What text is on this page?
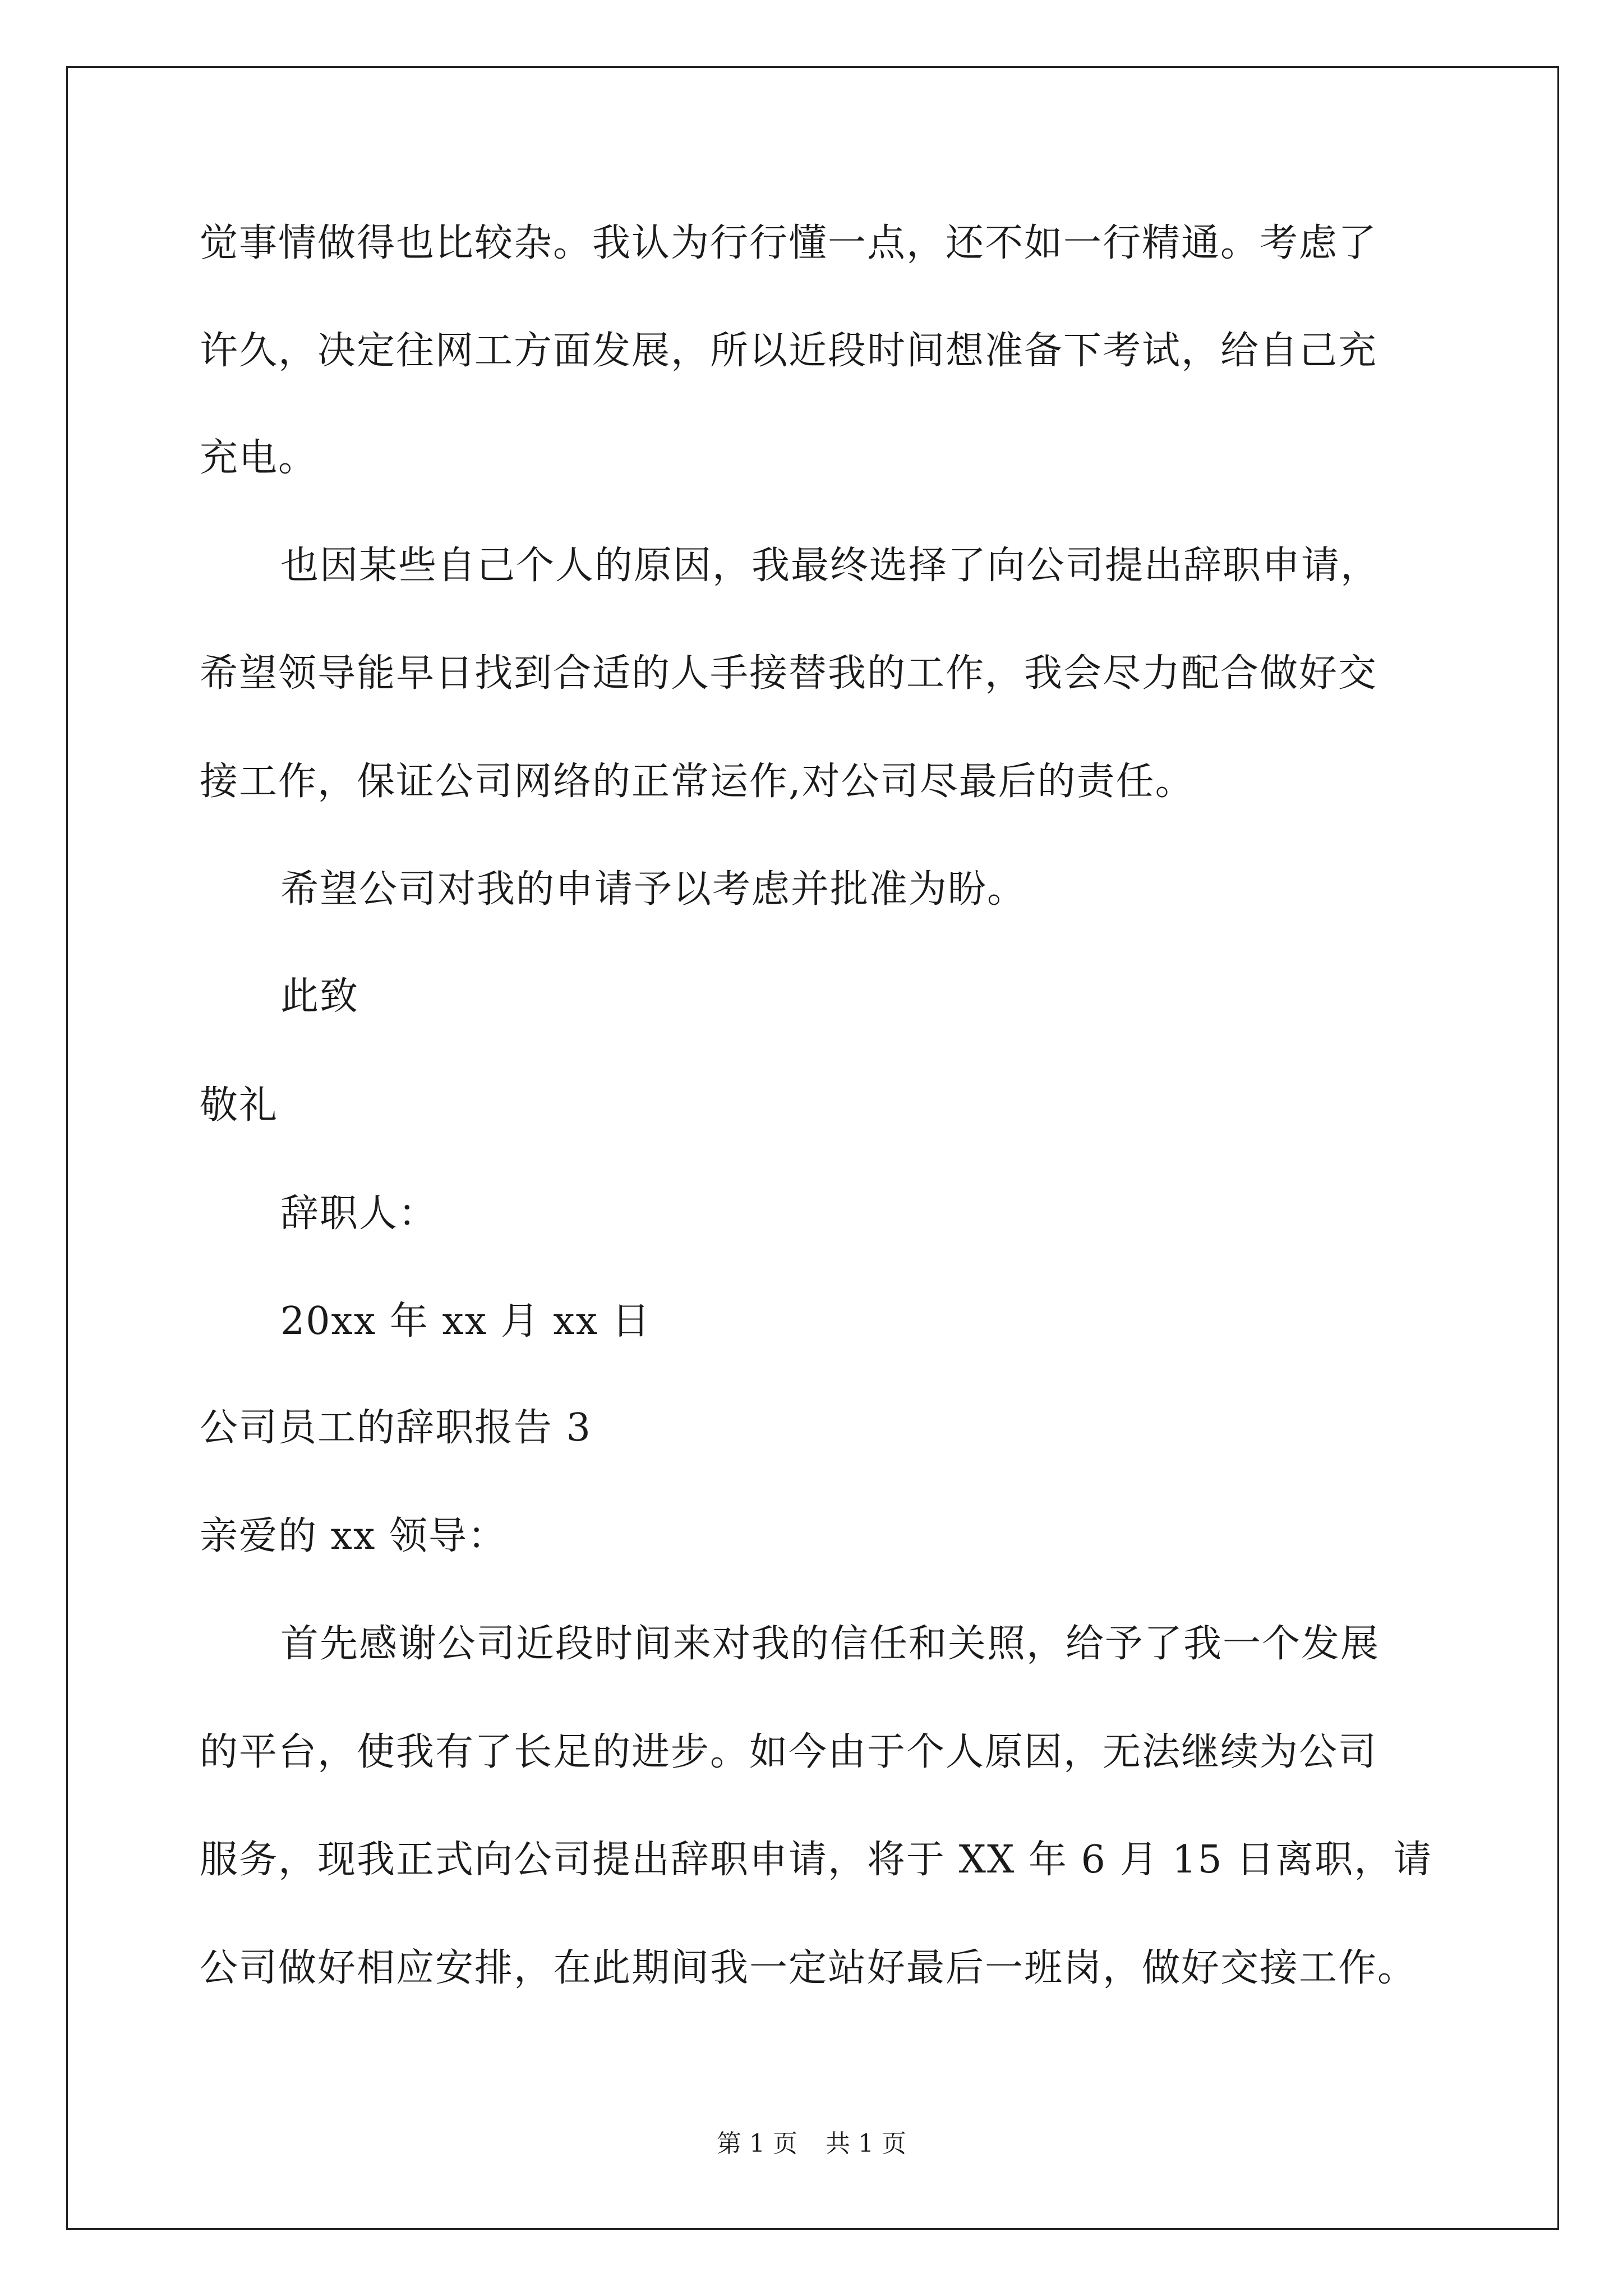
觉事情做得也比较杂。我认为行行懂一点，还不如一行精通。考虑了
许久，决定往网工方面发展，所以近段时间想准备下考试，给自己充
充电。
也因某些自己个人的原因，我最终选择了向公司提出辞职申请，
希望领导能早日找到合适的人手接替我的工作，我会尽力配合做好交
接工作，保证公司网络的正常运作,对公司尽最后的责任。
希望公司对我的申请予以考虑并批准为盼。
此致
敬礼
辞职人：
20xx 年 xx 月 xx 日
公司员工的辞职报告 3
亲爱的 xx 领导：
首先感谢公司近段时间来对我的信任和关照，给予了我一个发展
的平台，使我有了长足的进步。如今由于个人原因，无法继续为公司
服务，现我正式向公司提出辞职申请，将于 XX 年 6 月 15 日离职，请
公司做好相应安排，在此期间我一定站好最后一班岗，做好交接工作。
第 1 页 共 1 页
